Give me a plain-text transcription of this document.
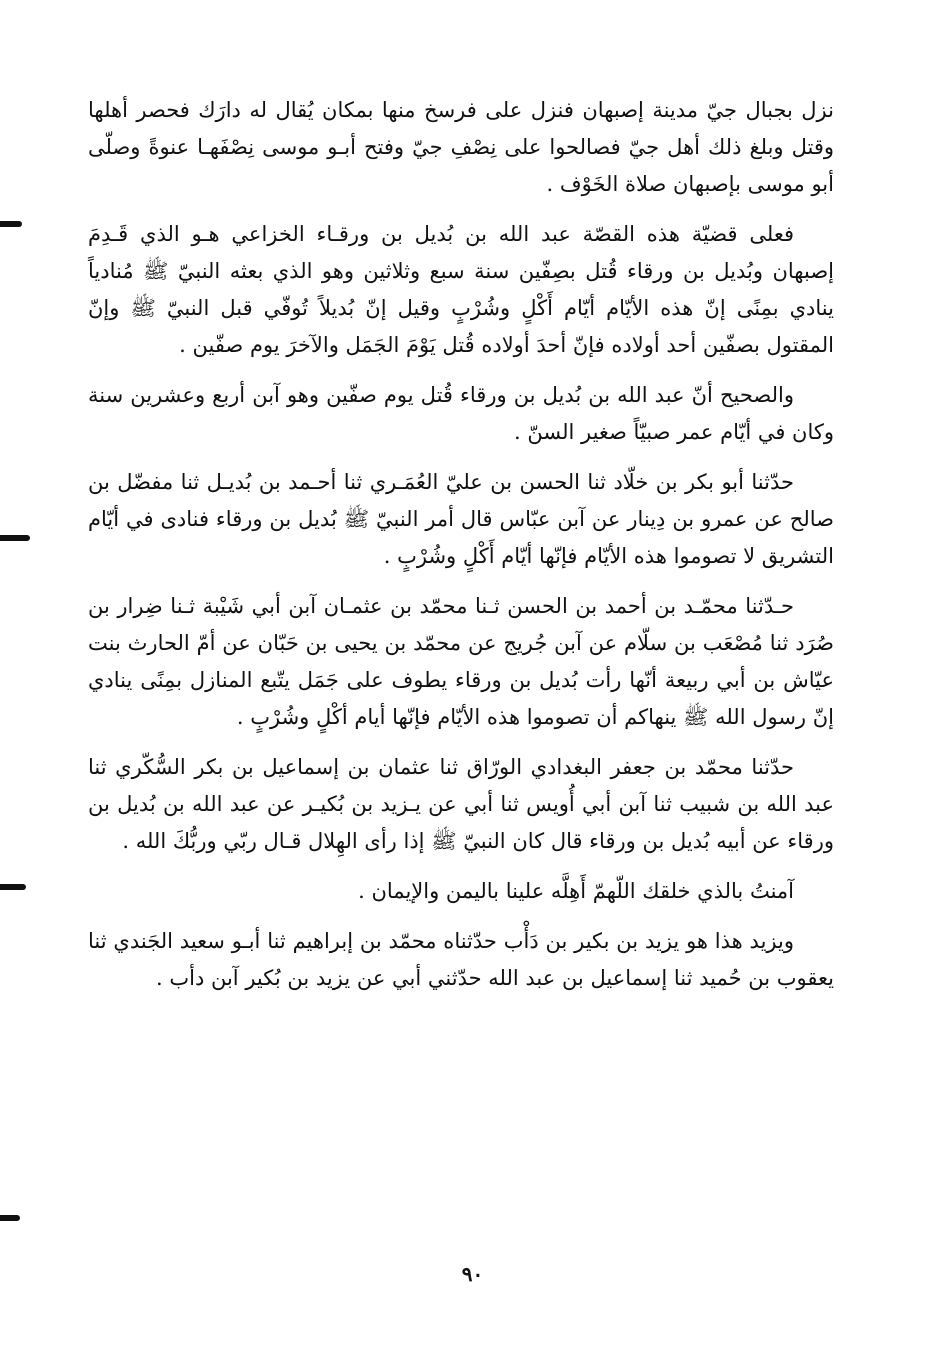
نزل بجبال جيّ مدينة إصبهان فنزل على فرسخ منها بمكان يُقال له دارَك فحصر أهلها وقتل وبلغ ذلك أهل جيّ فصالحوا على نِصْفِ جيّ وفتح أبـو موسى نِصْفَهـا عنوةً وصلّى أبو موسى بإصبهان صلاة الخَوْف .

فعلى قضيّة هذه القصّة عبد الله بن بُديل بن ورقـاء الخزاعي هـو الذي قَـدِمَ إصبهان وبُديل بن ورقاء قُتل بصِفّين سنة سبع وثلاثين وهو الذي بعثه النبيّ ﷺ مُنادياً ينادي بمِنًى إنّ هذه الأيّام أيّام أَكْلٍ وشُرْبٍ وقيل إنّ بُديلاً تُوفّي قبل النبيّ ﷺ وإنّ المقتول بصفّين أحد أولاده فإنّ أحدَ أولاده قُتل يَوْمَ الجَمَل والآخرَ يوم صفّين .

والصحيح أنّ عبد الله بن بُديل بن ورقاء قُتل يوم صفّين وهو آبن أربع وعشرين سنة وكان في أيّام عمر صبيّاً صغير السنّ .

حدّثنا أبو بكر بن خلّاد ثنا الحسن بن عليّ العُمَـري ثنا أحـمد بن بُديـل ثنا مفضّل بن صالح عن عمرو بن دِينار عن آبن عبّاس قال أمر النبيّ ﷺ بُديل بن ورقاء فنادى في أيّام التشريق لا تصوموا هذه الأيّام فإنّها أيّام أَكْلٍ وشُرْبٍ .

حـدّثنا محمّـد بن أحمد بن الحسن ثـنا محمّد بن عثمـان آبن أبي شَيْبة ثـنا ضِرار بن صُرَد ثنا مُصْعَب بن سلّام عن آبن جُريج عن محمّد بن يحيى بن حَبّان عن أمّ الحارث بنت عيّاش بن أبي ربيعة أنّها رأت بُديل بن ورقاء يطوف على جَمَل يتّبع المنازل بمِنًى ينادي إنّ رسول الله ﷺ ينهاكم أن تصوموا هذه الأيّام فإنّها أيام أكْلٍ وشُرْبٍ .

حدّثنا محمّد بن جعفر البغدادي الورّاق ثنا عثمان بن إسماعيل بن بكر السُّكّري ثنا عبد الله بن شبيب ثنا آبن أبي أُويس ثنا أبي عن يـزيد بن بُكيـر عن عبد الله بن بُديل بن ورقاء عن أبيه بُديل بن ورقاء قال كان النبيّ ﷺ إذا رأى الهِلال قـال ربّي وربُّكَ الله .

آمنتُ بالذي خلقك اللّهمّ أَهِلَّه علينا باليمن والإيمان .

ويزيد هذا هو يزيد بن بكير بن دَأْب حدّثناه محمّد بن إبراهيم ثنا أبـو سعيد الجَندي ثنا يعقوب بن حُميد ثنا إسماعيل بن عبد الله حدّثني أبي عن يزيد بن بُكير آبن دأب .

٩٠
